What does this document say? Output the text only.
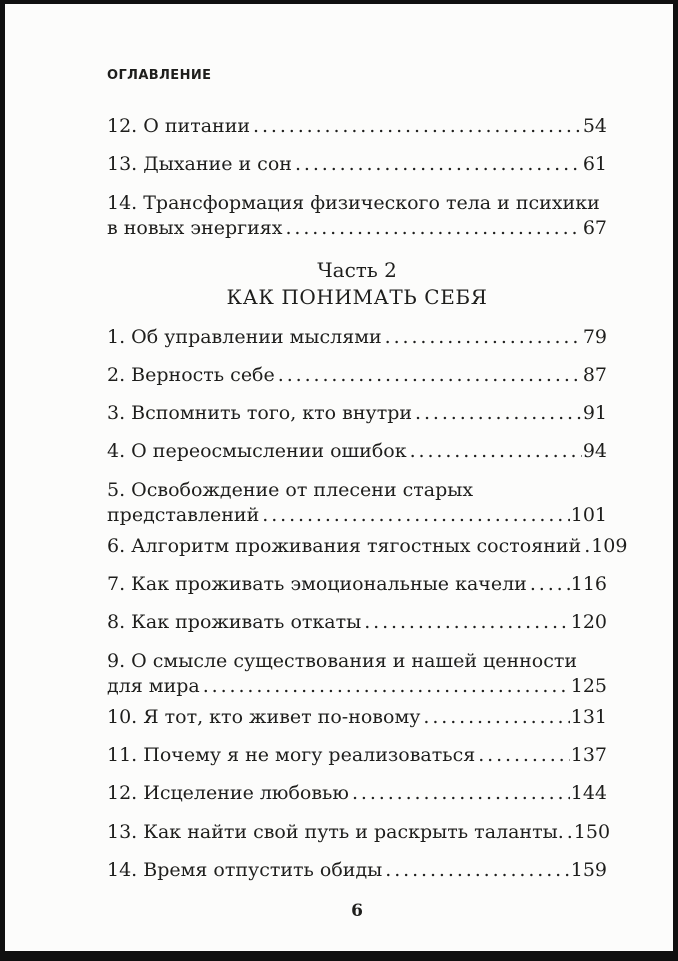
ОГЛАВЛЕНИЕ
12. О питании .....	54
13. Дыхание и сон .....	61
14. Трансформация физического тела и психики
в новых энергиях .....	67
Часть 2
КАК ПОНИМАТЬ СЕБЯ
1. Об управлении мыслями .....	79
2. Верность себе .....	87
3. Вспомнить того, кто внутри .....	91
4. О переосмыслении ошибок .....	94
5. Освобождение от плесени старых
представлений .....	101
6. Алгоритм проживания тягостных состояний ..... 109
7. Как проживать эмоциональные качели ..... 116
8. Как проживать откаты .....	120
9. О смысле существования и нашей ценности
для мира .....	125
10. Я тот, кто живет по-новому .....	131
11. Почему я не могу реализоваться .....	137
12. Исцеление любовью .....	144
13. Как найти свой путь и раскрыть таланты. ..... 150
14. Время отпустить обиды .....	159
6
